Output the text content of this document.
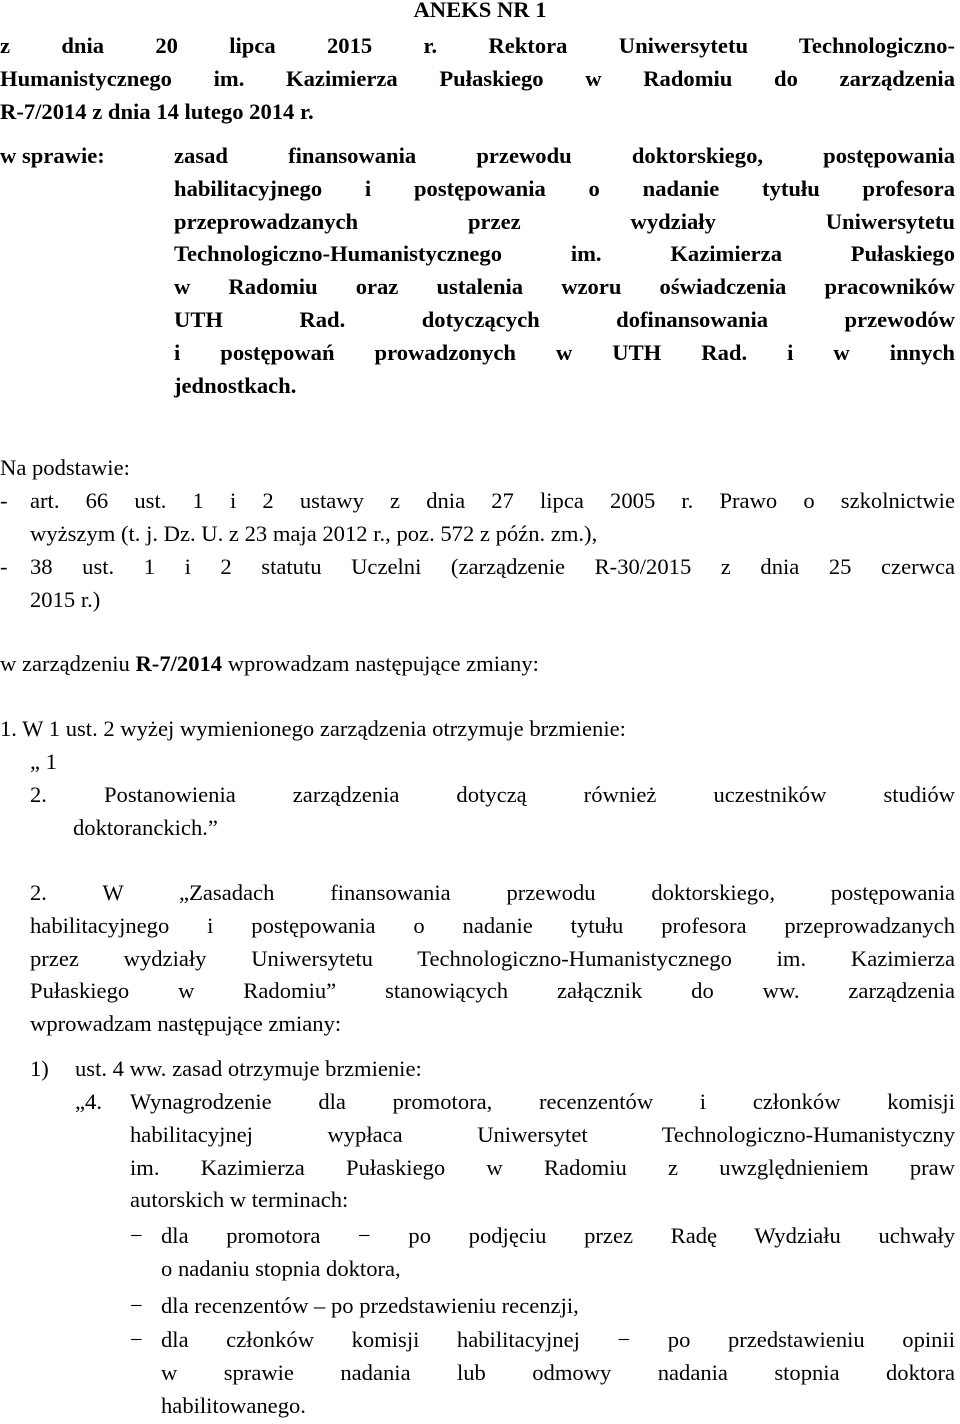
ANEKS NR 1
z dnia 20 lipca 2015 r. Rektora Uniwersytetu Technologiczno-
Humanistycznego im. Kazimierza Pułaskiego w Radomiu do zarządzenia
R-7/2014 z dnia 14 lutego 2014 r.
w sprawie:	zasad finansowania przewodu doktorskiego, postępowania
habilitacyjnego i postępowania o nadanie tytułu profesora
przeprowadzanych przez wydziały Uniwersytetu
Technologiczno-Humanistycznego im. Kazimierza Pułaskiego
w Radomiu oraz ustalenia wzoru oświadczenia pracowników
UTH Rad. dotyczących dofinansowania przewodów
i postępowań prowadzonych w UTH Rad. i w innych
jednostkach.
Na podstawie:
- art. 66 ust. 1 i 2 ustawy z dnia 27 lipca 2005 r. Prawo o szkolnictwie
wyższym (t. j. Dz. U. z 23 maja 2012 r., poz. 572 z późn. zm.),
- 38 ust. 1 i 2 statutu Uczelni (zarządzenie R-30/2015 z dnia 25 czerwca
2015 r.)
w zarządzeniu R-7/2014 wprowadzam następujące zmiany:
1. W 1 ust. 2 wyżej wymienionego zarządzenia otrzymuje brzmienie:
„ 1
2. Postanowienia zarządzenia dotyczą również uczestników studiów
doktoranckich.”
2. W „Zasadach finansowania przewodu doktorskiego, postępowania
habilitacyjnego i postępowania o nadanie tytułu profesora przeprowadzanych
przez wydziały Uniwersytetu Technologiczno-Humanistycznego im. Kazimierza
Pułaskiego w Radomiu” stanowiących załącznik do ww. zarządzenia
wprowadzam następujące zmiany:
1) ust. 4 ww. zasad otrzymuje brzmienie:
„4. Wynagrodzenie dla promotora, recenzentów i członków komisji
habilitacyjnej wypłaca Uniwersytet Technologiczno-Humanistyczny
im. Kazimierza Pułaskiego w Radomiu z uwzględnieniem praw
autorskich w terminach:
− dla promotora − po podjęciu przez Radę Wydziału uchwały
o nadaniu stopnia doktora,
− dla recenzentów – po przedstawieniu recenzji,
− dla członków komisji habilitacyjnej − po przedstawieniu opinii
w sprawie nadania lub odmowy nadania stopnia doktora
habilitowanego.
